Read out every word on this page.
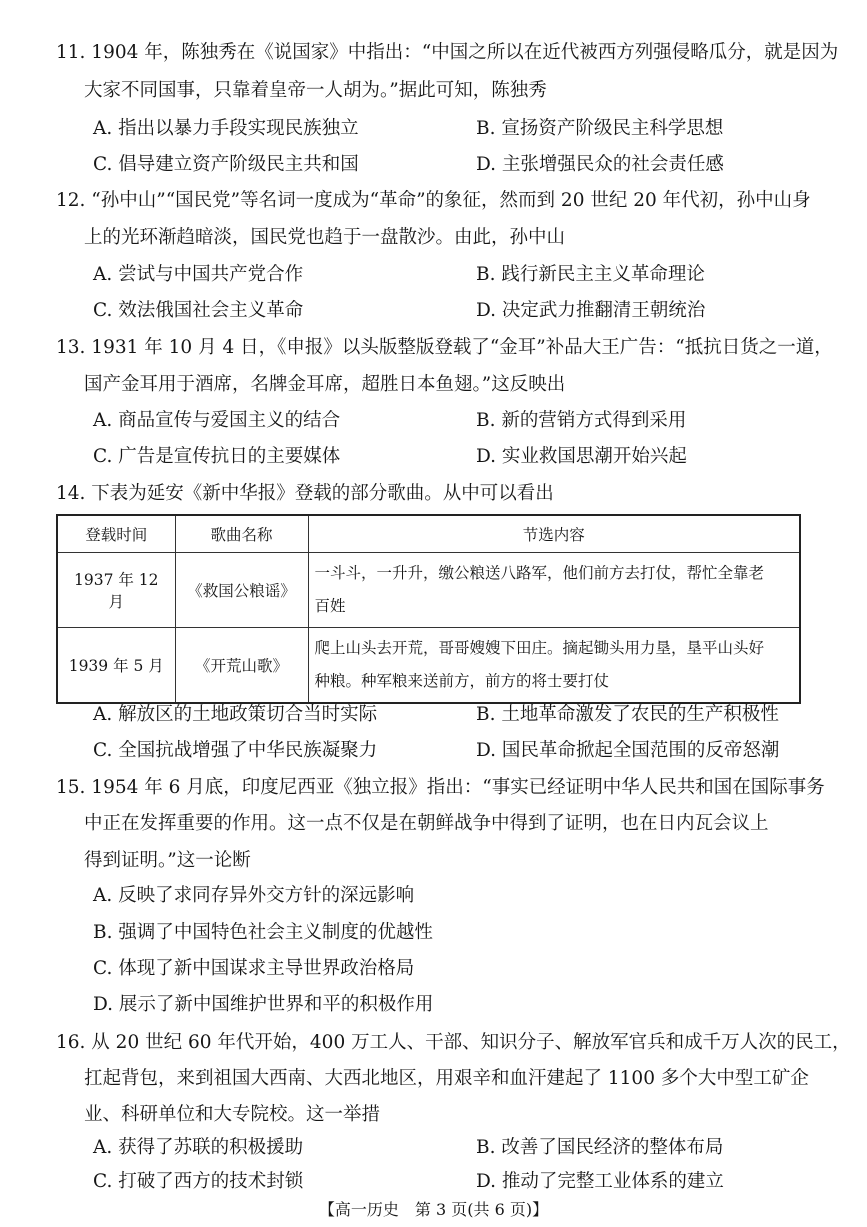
11. 1904 年，陈独秀在《说国家》中指出：“中国之所以在近代被西方列强侵略瓜分，就是因为
大家不同国事，只靠着皇帝一人胡为。”据此可知，陈独秀
A. 指出以暴力手段实现民族独立	B. 宣扬资产阶级民主科学思想
C. 倡导建立资产阶级民主共和国	D. 主张增强民众的社会责任感
12. “孙中山”“国民党”等名词一度成为“革命”的象征，然而到 20 世纪 20 年代初，孙中山身
上的光环渐趋暗淡，国民党也趋于一盘散沙。由此，孙中山
A. 尝试与中国共产党合作	B. 践行新民主主义革命理论
C. 效法俄国社会主义革命	D. 决定武力推翻清王朝统治
13. 1931 年 10 月 4 日，《申报》以头版整版登载了“金耳”补品大王广告：“抵抗日货之一道，
国产金耳用于酒席，名牌金耳席，超胜日本鱼翅。”这反映出
A. 商品宣传与爱国主义的结合	B. 新的营销方式得到采用
C. 广告是宣传抗日的主要媒体	D. 实业救国思潮开始兴起
14. 下表为延安《新中华报》登载的部分歌曲。从中可以看出
登载时间	歌曲名称	节选内容
1937 年 12 月	《救国公粮谣》	一斗斗，一升升，缴公粮送八路军，他们前方去打仗，帮忙全靠老
百姓
1939 年 5 月	《开荒山歌》	爬上山头去开荒，哥哥嫂嫂下田庄。摘起锄头用力垦，垦平山头好
种粮。种军粮来送前方，前方的将士要打仗
A. 解放区的土地政策切合当时实际	B. 土地革命激发了农民的生产积极性
C. 全国抗战增强了中华民族凝聚力	D. 国民革命掀起全国范围的反帝怒潮
15. 1954 年 6 月底，印度尼西亚《独立报》指出：“事实已经证明中华人民共和国在国际事务
中正在发挥重要的作用。这一点不仅是在朝鲜战争中得到了证明，也在日内瓦会议上
得到证明。”这一论断
A. 反映了求同存异外交方针的深远影响
B. 强调了中国特色社会主义制度的优越性
C. 体现了新中国谋求主导世界政治格局
D. 展示了新中国维护世界和平的积极作用
16. 从 20 世纪 60 年代开始，400 万工人、干部、知识分子、解放军官兵和成千万人次的民工，
扛起背包，来到祖国大西南、大西北地区，用艰辛和血汗建起了 1100 多个大中型工矿企
业、科研单位和大专院校。这一举措
A. 获得了苏联的积极援助	B. 改善了国民经济的整体布局
C. 打破了西方的技术封锁	D. 推动了完整工业体系的建立
【高一历史　第 3 页(共 6 页)】
